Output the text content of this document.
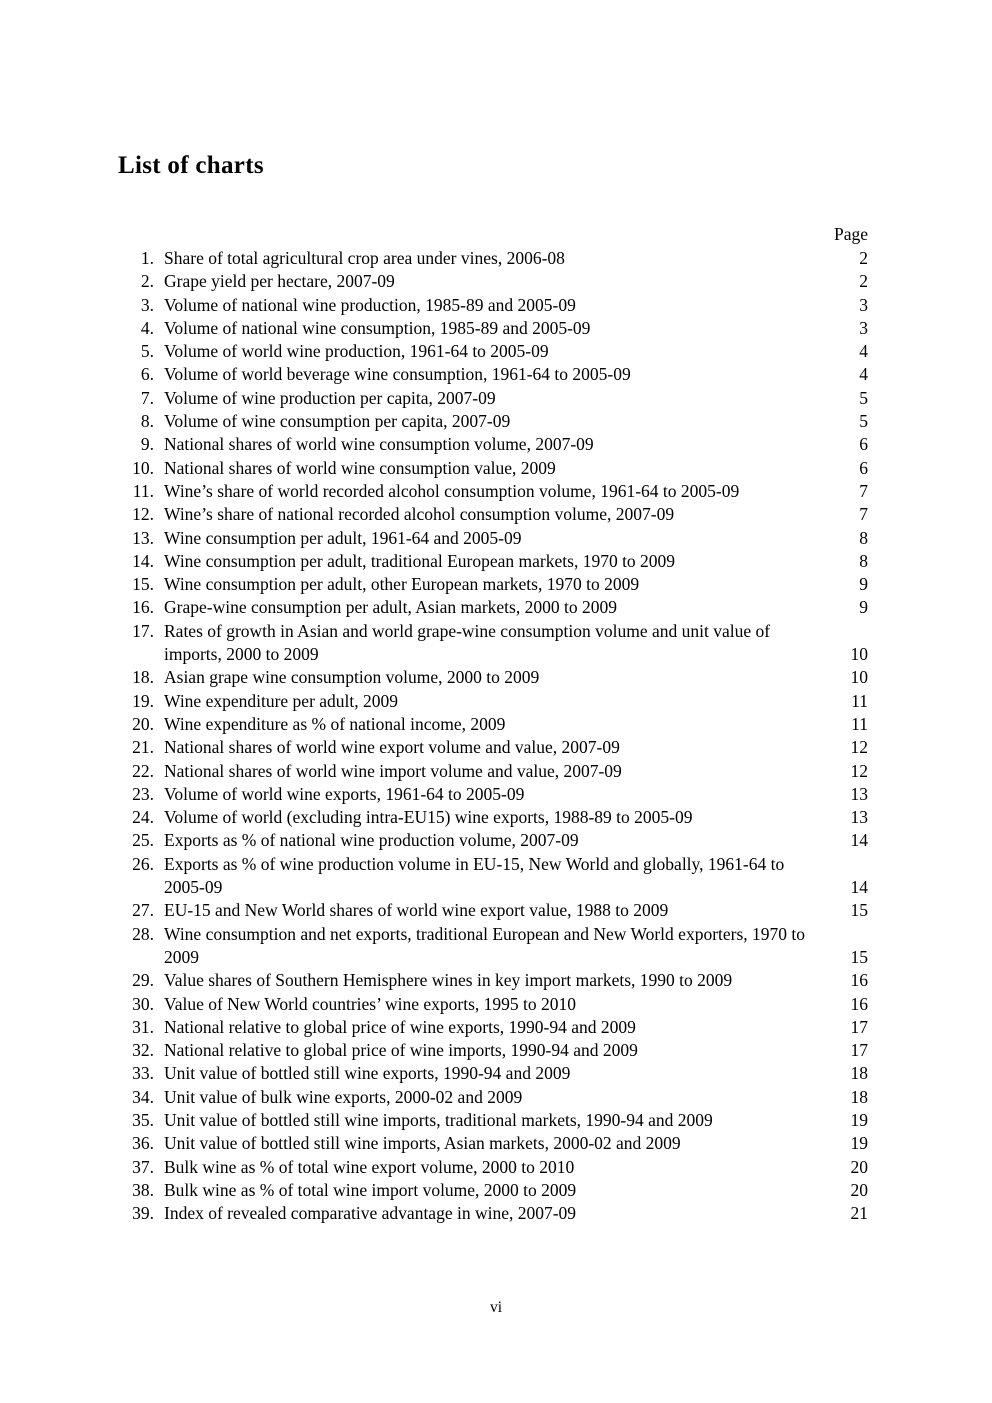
List of charts
Page
1. Share of total agricultural crop area under vines, 2006-08	2
2. Grape yield per hectare, 2007-09	2
3. Volume of national wine production, 1985-89 and 2005-09	3
4. Volume of national wine consumption, 1985-89 and 2005-09	3
5. Volume of world wine production, 1961-64 to 2005-09	4
6. Volume of world beverage wine consumption, 1961-64 to 2005-09	4
7. Volume of wine production per capita, 2007-09	5
8. Volume of wine consumption per capita, 2007-09	5
9. National shares of world wine consumption volume, 2007-09	6
10. National shares of world wine consumption value, 2009	6
11. Wine’s share of world recorded alcohol consumption volume, 1961-64 to 2005-09	7
12. Wine’s share of national recorded alcohol consumption volume, 2007-09	7
13. Wine consumption per adult, 1961-64 and 2005-09	8
14. Wine consumption per adult, traditional European markets, 1970 to 2009	8
15. Wine consumption per adult, other European markets, 1970 to 2009	9
16. Grape-wine consumption per adult, Asian markets, 2000 to 2009	9
17. Rates of growth in Asian and world grape-wine consumption volume and unit value of imports, 2000 to 2009	10
18. Asian grape wine consumption volume, 2000 to 2009	10
19. Wine expenditure per adult, 2009	11
20. Wine expenditure as % of national income, 2009	11
21. National shares of world wine export volume and value, 2007-09	12
22. National shares of world wine import volume and value, 2007-09	12
23. Volume of world wine exports, 1961-64 to 2005-09	13
24. Volume of world (excluding intra-EU15) wine exports, 1988-89 to 2005-09	13
25. Exports as % of national wine production volume, 2007-09	14
26. Exports as % of wine production volume in EU-15, New World and globally, 1961-64 to 2005-09	14
27. EU-15 and New World shares of world wine export value, 1988 to 2009	15
28. Wine consumption and net exports, traditional European and New World exporters, 1970 to 2009	15
29. Value shares of Southern Hemisphere wines in key import markets, 1990 to 2009	16
30. Value of New World countries’ wine exports, 1995 to 2010	16
31. National relative to global price of wine exports, 1990-94 and 2009	17
32. National relative to global price of wine imports, 1990-94 and 2009	17
33. Unit value of bottled still wine exports, 1990-94 and 2009	18
34. Unit value of bulk wine exports, 2000-02 and 2009	18
35. Unit value of bottled still wine imports, traditional markets, 1990-94 and 2009	19
36. Unit value of bottled still wine imports, Asian markets, 2000-02 and 2009	19
37. Bulk wine as % of total wine export volume, 2000 to 2010	20
38. Bulk wine as % of total wine import volume, 2000 to 2009	20
39. Index of revealed comparative advantage in wine, 2007-09	21
vi
